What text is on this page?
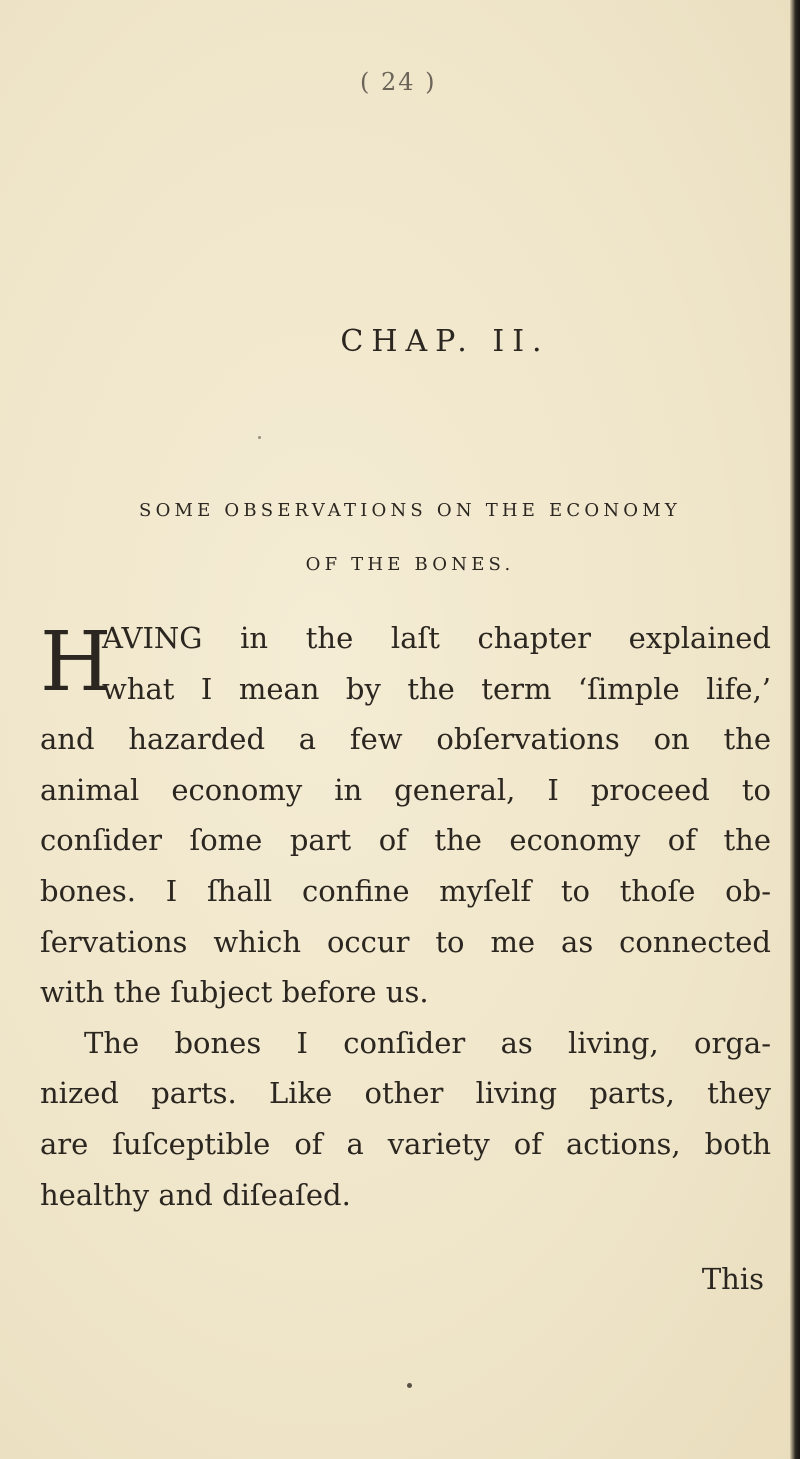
( 24 )
CHAP. II.
SOME OBSERVATIONS ON THE ECONOMY
OF THE BONES.
H
AVING in the laſt chapter explained
what I mean by the term ‘ſimple life,’
and hazarded a few obſervations on the
animal economy in general, I proceed to
conſider ſome part of the economy of the
bones. I ſhall confine myſelf to thoſe ob-
ſervations which occur to me as connected
with the ſubject before us.
The bones I conſider as living, orga-
nized parts. Like other living parts, they
are ſuſceptible of a variety of actions, both
healthy and diſeaſed.
This
